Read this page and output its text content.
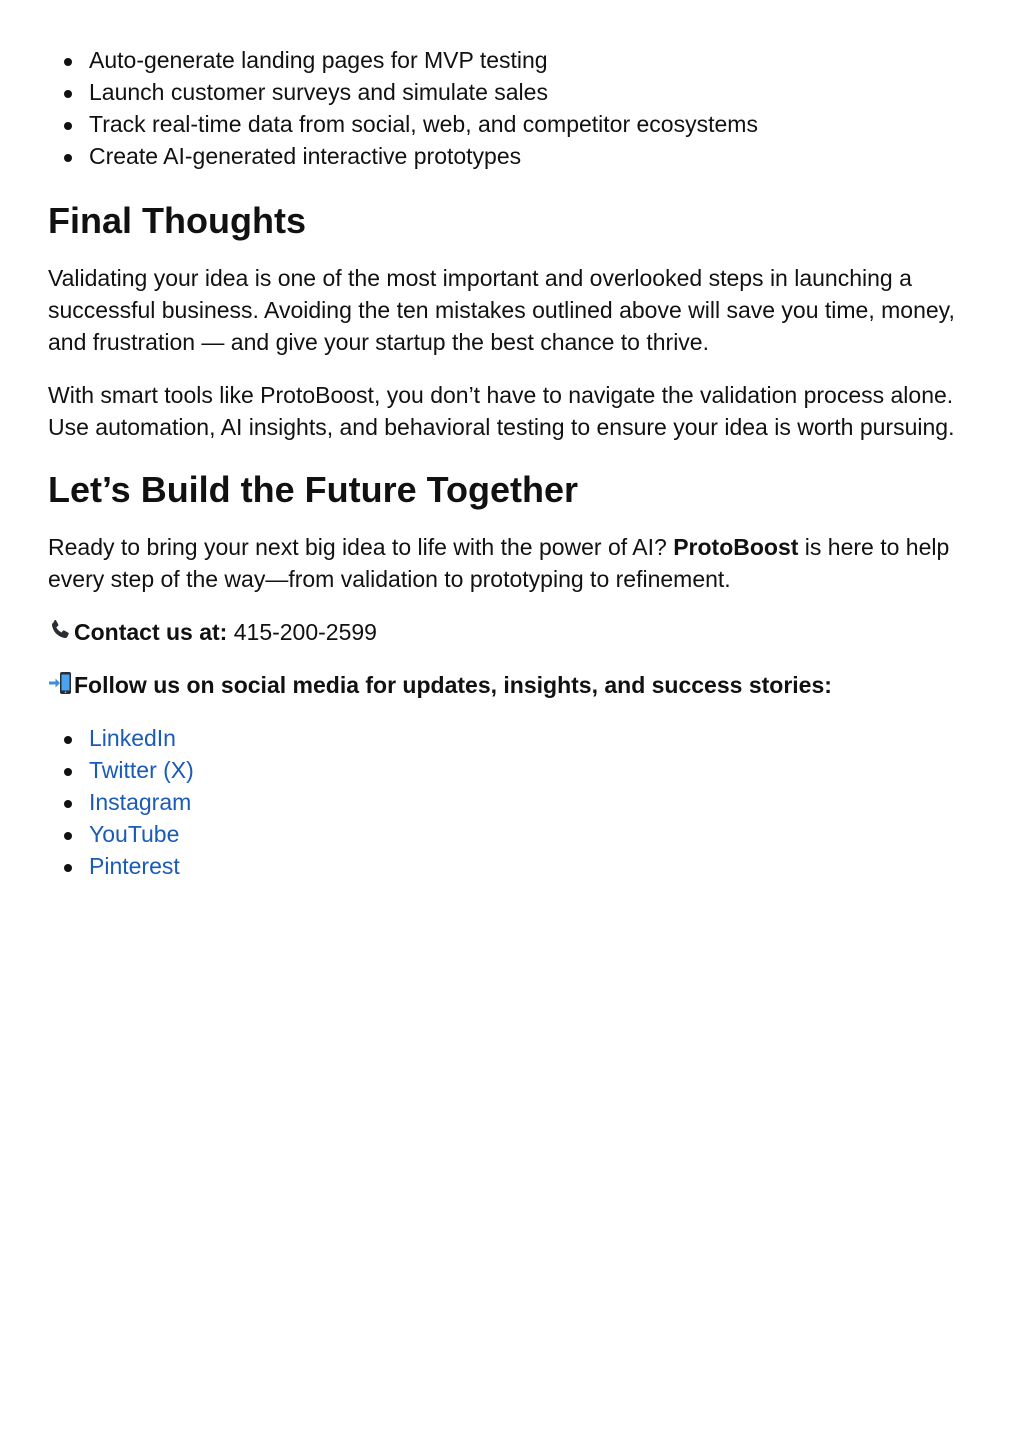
Auto-generate landing pages for MVP testing
Launch customer surveys and simulate sales
Track real-time data from social, web, and competitor ecosystems
Create AI-generated interactive prototypes
Final Thoughts

Validating your idea is one of the most important and overlooked steps in launching a successful business. Avoiding the ten mistakes outlined above will save you time, money, and frustration — and give your startup the best chance to thrive.

With smart tools like ProtoBoost, you don’t have to navigate the validation process alone. Use automation, AI insights, and behavioral testing to ensure your idea is worth pursuing.

Let’s Build the Future Together

Ready to bring your next big idea to life with the power of AI? ProtoBoost is here to help every step of the way—from validation to prototyping to refinement.

Contact us at: 415-200-2599
Follow us on social media for updates, insights, and success stories:
LinkedIn
Twitter (X)
Instagram
YouTube
Pinterest
